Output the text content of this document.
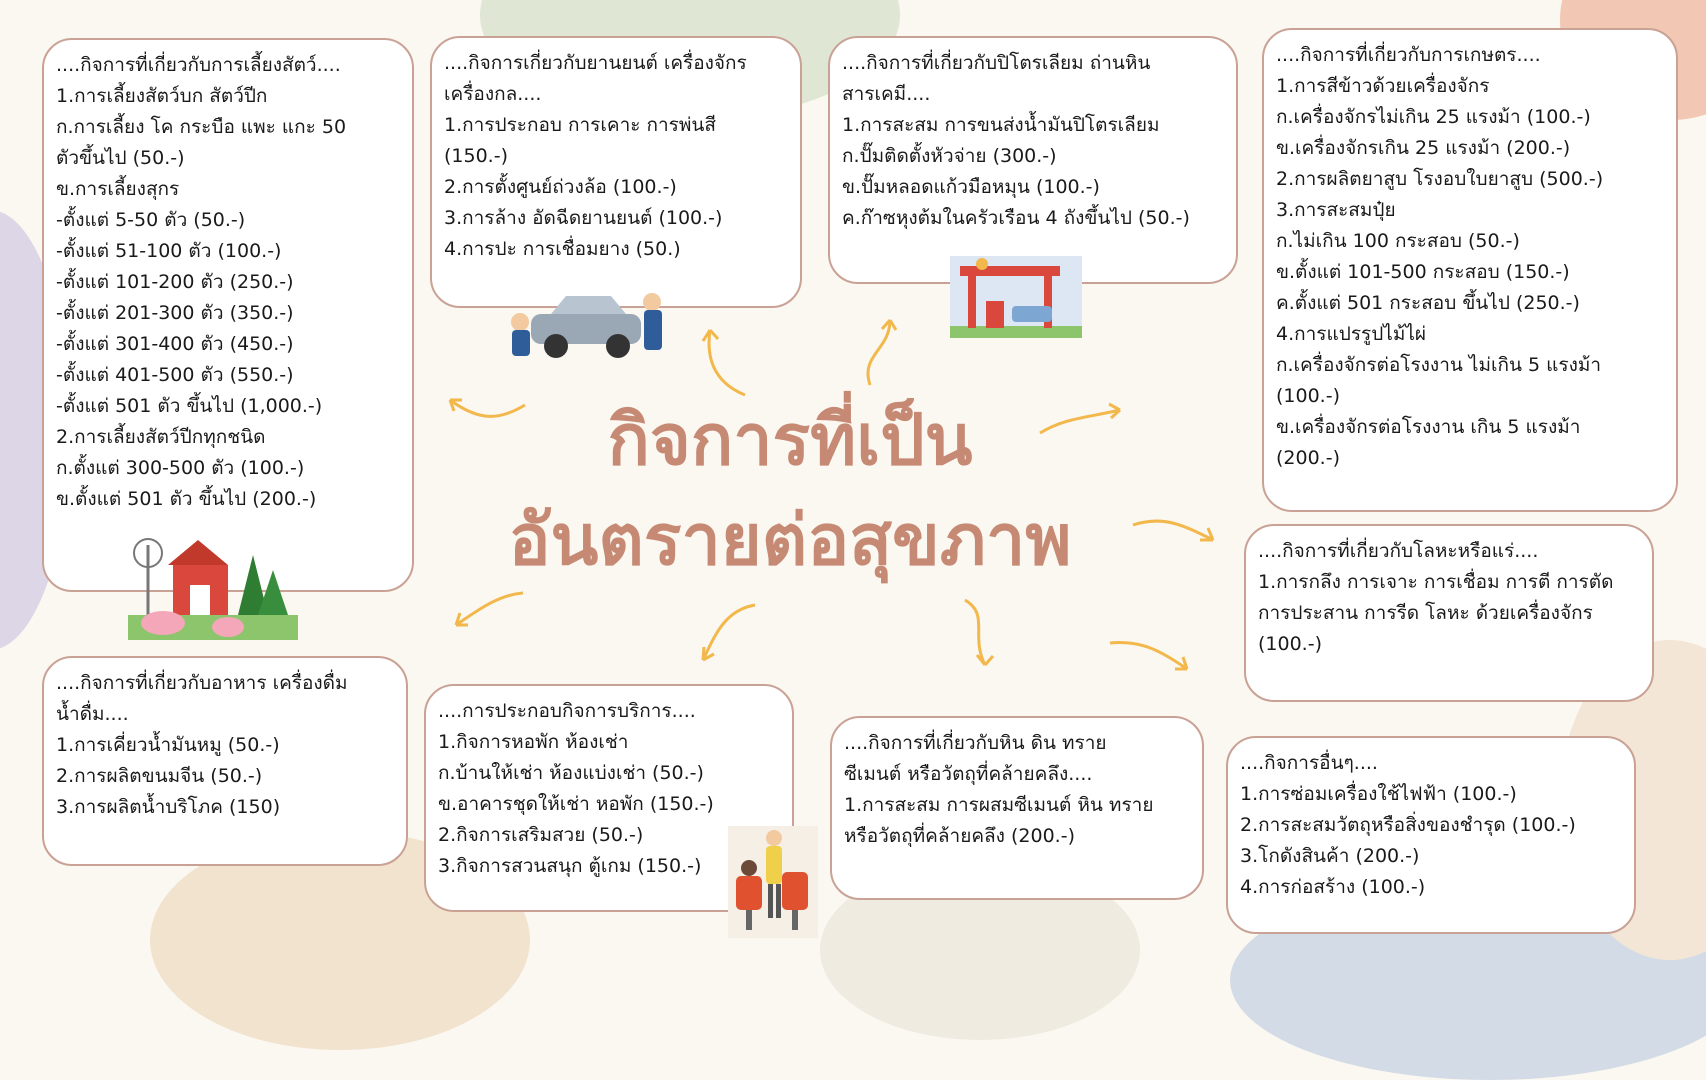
....กิจการที่เกี่ยวกับการเลี้ยงสัตว์....
1.การเลี้ยงสัตว์บก สัตว์ปีก
ก.การเลี้ยง โค กระบือ แพะ แกะ 50
ตัวขึ้นไป (50.-)
ข.การเลี้ยงสุกร
-ตั้งแต่ 5-50 ตัว (50.-)
-ตั้งแต่ 51-100 ตัว (100.-)
-ตั้งแต่ 101-200 ตัว (250.-)
-ตั้งแต่ 201-300 ตัว (350.-)
-ตั้งแต่ 301-400 ตัว (450.-)
-ตั้งแต่ 401-500 ตัว (550.-)
-ตั้งแต่ 501 ตัว ขึ้นไป (1,000.-)
2.การเลี้ยงสัตว์ปีกทุกชนิด
ก.ตั้งแต่ 300-500 ตัว (100.-)
ข.ตั้งแต่ 501 ตัว ขึ้นไป (200.-)
....กิจการเกี่ยวกับยานยนต์ เครื่องจักร
เครื่องกล....
1.การประกอบ การเคาะ การพ่นสี
(150.-)
2.การตั้งศูนย์ถ่วงล้อ (100.-)
3.การล้าง อัดฉีดยานยนต์ (100.-)
4.การปะ การเชื่อมยาง (50.)
....กิจการที่เกี่ยวกับปิโตรเลียม ถ่านหิน
สารเคมี....
1.การสะสม การขนส่งน้ำมันปิโตรเลียม
ก.ปั๊มติดตั้งหัวจ่าย (300.-)
ข.ปั๊มหลอดแก้วมือหมุน (100.-)
ค.ก๊าซหุงต้มในครัวเรือน 4 ถังขึ้นไป (50.-)
....กิจการที่เกี่ยวกับการเกษตร....
1.การสีข้าวด้วยเครื่องจักร
ก.เครื่องจักรไม่เกิน 25 แรงม้า (100.-)
ข.เครื่องจักรเกิน 25 แรงม้า (200.-)
2.การผลิตยาสูบ โรงอบใบยาสูบ (500.-)
3.การสะสมปุ๋ย
ก.ไม่เกิน 100 กระสอบ (50.-)
ข.ตั้งแต่ 101-500 กระสอบ (150.-)
ค.ตั้งแต่ 501 กระสอบ ขึ้นไป (250.-)
4.การแปรรูปไม้ไผ่
ก.เครื่องจักรต่อโรงงาน ไม่เกิน 5 แรงม้า
(100.-)
ข.เครื่องจักรต่อโรงงาน เกิน 5 แรงม้า
(200.-)
....กิจการที่เกี่ยวกับโลหะหรือแร่....
1.การกลึง การเจาะ การเชื่อม การตี การตัด
การประสาน การรีด โลหะ ด้วยเครื่องจักร
(100.-)
....กิจการที่เกี่ยวกับอาหาร เครื่องดื่ม
น้ำดื่ม....
1.การเคี่ยวน้ำมันหมู (50.-)
2.การผลิตขนมจีน (50.-)
3.การผลิตน้ำบริโภค (150)
....การประกอบกิจการบริการ....
1.กิจการหอพัก ห้องเช่า
ก.บ้านให้เช่า ห้องแบ่งเช่า (50.-)
ข.อาคารชุดให้เช่า หอพัก (150.-)
2.กิจการเสริมสวย (50.-)
3.กิจการสวนสนุก ตู้เกม (150.-)
....กิจการที่เกี่ยวกับหิน ดิน ทราย
ซีเมนต์ หรือวัตถุที่คล้ายคลึง....
1.การสะสม การผสมซีเมนต์ หิน ทราย
หรือวัตถุที่คล้ายคลึง (200.-)
....กิจการอื่นๆ....
1.การซ่อมเครื่องใช้ไฟฟ้า (100.-)
2.การสะสมวัตถุหรือสิ่งของชำรุด (100.-)
3.โกดังสินค้า (200.-)
4.การก่อสร้าง (100.-)
กิจการที่เป็น
อันตรายต่อสุขภาพ
